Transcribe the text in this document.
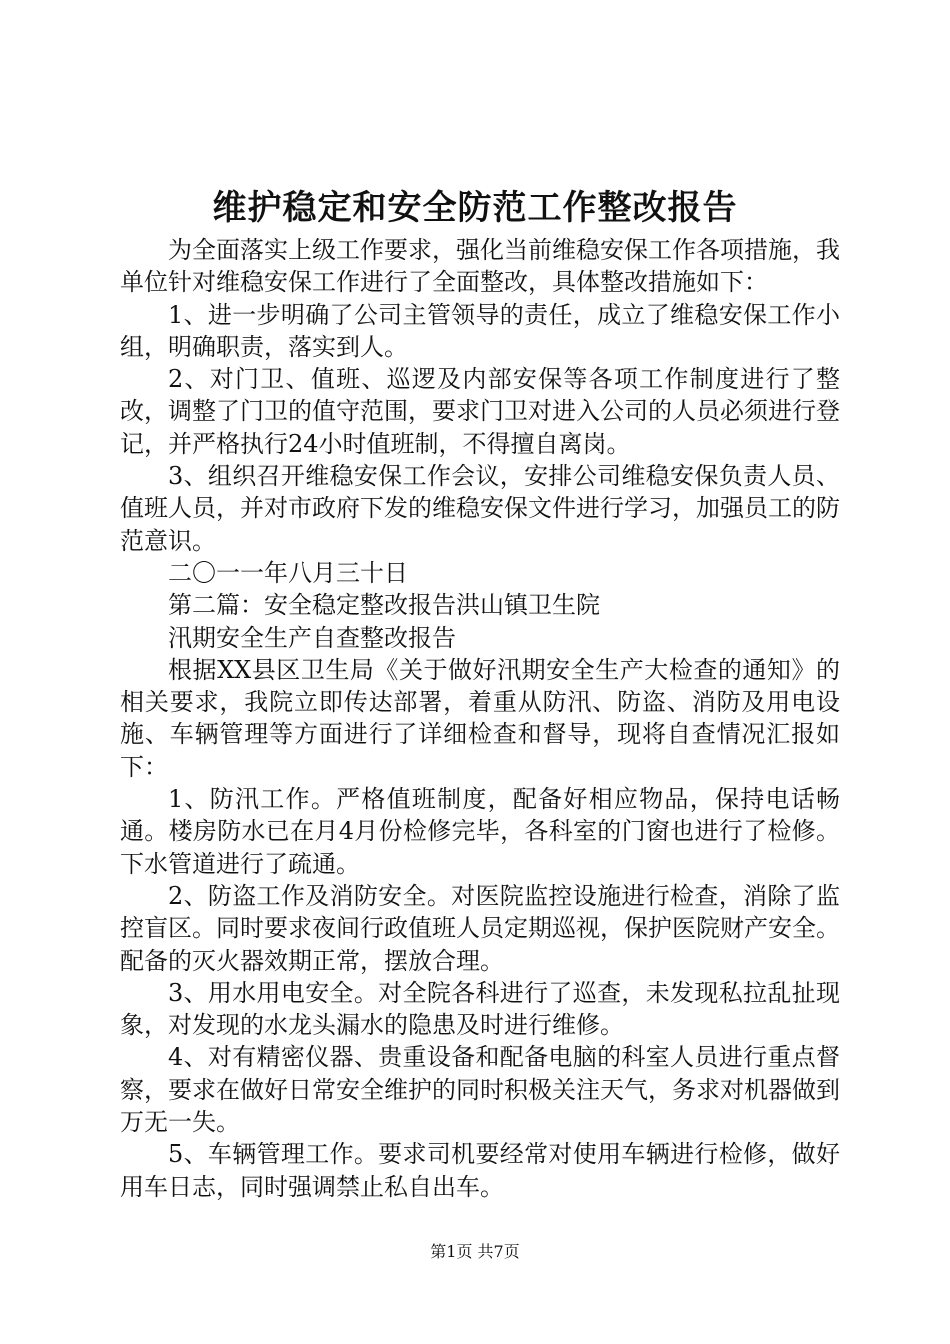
维护稳定和安全防范工作整改报告

为全面落实上级工作要求，强化当前维稳安保工作各项措施，我单位针对维稳安保工作进行了全面整改，具体整改措施如下：

1、进一步明确了公司主管领导的责任，成立了维稳安保工作小组，明确职责，落实到人。

2、对门卫、值班、巡逻及内部安保等各项工作制度进行了整改，调整了门卫的值守范围，要求门卫对进入公司的人员必须进行登记，并严格执行24小时值班制，不得擅自离岗。

3、组织召开维稳安保工作会议，安排公司维稳安保负责人员、值班人员，并对市政府下发的维稳安保文件进行学习，加强员工的防范意识。

二〇一一年八月三十日

第二篇：安全稳定整改报告洪山镇卫生院

汛期安全生产自查整改报告

根据XX县区卫生局《关于做好汛期安全生产大检查的通知》的相关要求，我院立即传达部署，着重从防汛、防盗、消防及用电设施、车辆管理等方面进行了详细检查和督导，现将自查情况汇报如下：

1、防汛工作。严格值班制度，配备好相应物品，保持电话畅通。楼房防水已在月4月份检修完毕，各科室的门窗也进行了检修。下水管道进行了疏通。

2、防盗工作及消防安全。对医院监控设施进行检查，消除了监控盲区。同时要求夜间行政值班人员定期巡视，保护医院财产安全。配备的灭火器效期正常，摆放合理。

3、用水用电安全。对全院各科进行了巡查，未发现私拉乱扯现象，对发现的水龙头漏水的隐患及时进行维修。

4、对有精密仪器、贵重设备和配备电脑的科室人员进行重点督察，要求在做好日常安全维护的同时积极关注天气，务求对机器做到万无一失。

5、车辆管理工作。要求司机要经常对使用车辆进行检修，做好用车日志，同时强调禁止私自出车。

第1页 共7页
